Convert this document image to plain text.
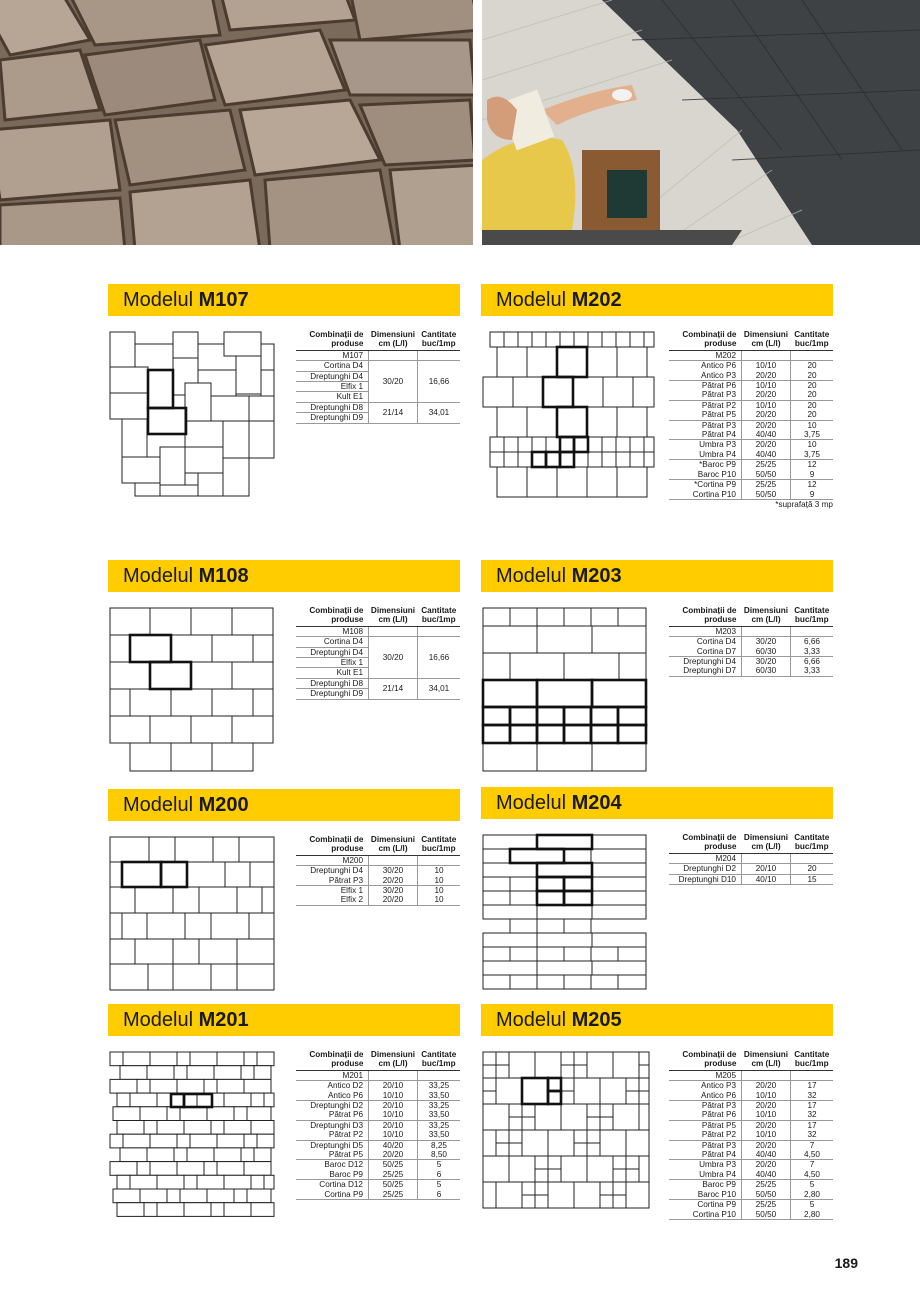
Modelul M107
Combinații de produse	Dimensiuni cm (L/l)	Cantitate buc/1mp
M107		
Cortina D4	30/20	16,66
Dreptunghi D4		
Elfix 1		
Kult E1		
Dreptunghi D8	21/14	34,01
Dreptunghi D9		
Modelul M202
Combinații de produse	Dimensiuni cm (L/l)	Cantitate buc/1mp
M202		
Antico P6	10/10	20
Antico P3	20/20	20
Pătrat P6	10/10	20
Pătrat P3	20/20	20
Pătrat P2	10/10	20
Pătrat P5	20/20	20
Pătrat P3	20/20	10
Pătrat P4	40/40	3,75
Umbra P3	20/20	10
Umbra P4	40/40	3,75
*Baroc P9	25/25	12
Baroc P10	50/50	9
*Cortina P9	25/25	12
Cortina P10	50/50	9
*suprafață 3 mp		
Modelul M108
Combinații de produse	Dimensiuni cm (L/l)	Cantitate buc/1mp
M108		
Cortina D4	30/20	16,66
Dreptunghi D4		
Elfix 1		
Kult E1		
Dreptunghi D8	21/14	34,01
Dreptunghi D9		
Modelul M203
Combinații de produse	Dimensiuni cm (L/l)	Cantitate buc/1mp
M203		
Cortina D4	30/20	6,66
Cortina D7	60/30	3,33
Dreptunghi D4	30/20	6,66
Dreptunghi D7	60/30	3,33
Modelul M200
Combinații de produse	Dimensiuni cm (L/l)	Cantitate buc/1mp
M200		
Dreptunghi D4	30/20	10
Pătrat P3	20/20	10
Elfix 1	30/20	10
Elfix 2	20/20	10
Modelul M204
Combinații de produse	Dimensiuni cm (L/l)	Cantitate buc/1mp
M204		
Dreptunghi D2	20/10	20
Dreptunghi D10	40/10	15
Modelul M201
Combinații de produse	Dimensiuni cm (L/l)	Cantitate buc/1mp
M201		
Antico D2	20/10	33,25
Antico P6	10/10	33,50
Dreptunghi D2	20/10	33,25
Pătrat P6	10/10	33,50
Dreptunghi D3	20/10	33,25
Pătrat P2	10/10	33,50
Dreptunghi D5	40/20	8,25
Pătrat P5	20/20	8,50
Baroc D12	50/25	5
Baroc P9	25/25	6
Cortina D12	50/25	5
Cortina P9	25/25	6
Modelul M205
Combinații de produse	Dimensiuni cm (L/l)	Cantitate buc/1mp
M205		
Antico P3	20/20	17
Antico P6	10/10	32
Pătrat P3	20/20	17
Pătrat P6	10/10	32
Pătrat P5	20/20	17
Pătrat P2	10/10	32
Pătrat P3	20/20	7
Pătrat P4	40/40	4,50
Umbra P3	20/20	7
Umbra P4	40/40	4,50
Baroc P9	25/25	5
Baroc P10	50/50	2,80
Cortina P9	25/25	5
Cortina P10	50/50	2,80
189
